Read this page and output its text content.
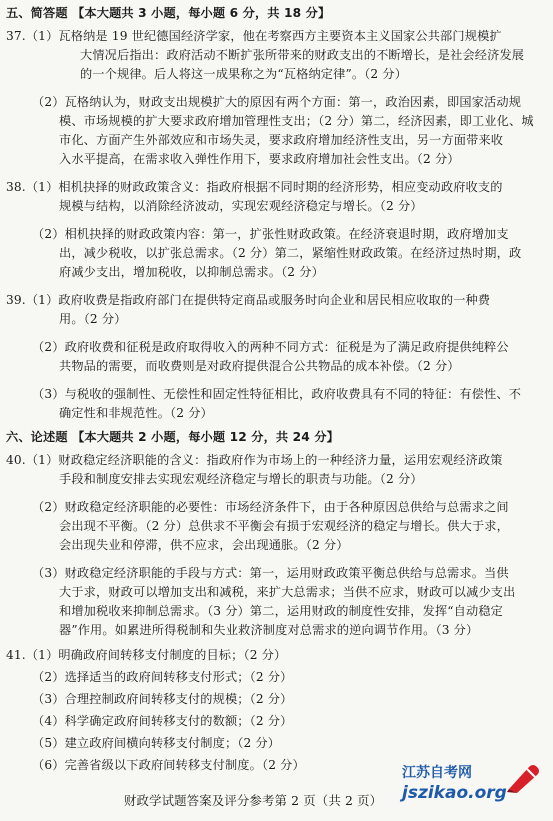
五、简答题 【本大题共 3 小题，每小题 6 分，共 18 分】
37.（1）瓦格纳是 19 世纪德国经济学家，他在考察西方主要资本主义国家公共部门规模扩
大情况后指出：政府活动不断扩张所带来的财政支出的不断增长，是社会经济发展
的一个规律。后人将这一成果称之为“瓦格纳定律”。（2 分）
（2）瓦格纳认为，财政支出规模扩大的原因有两个方面：第一，政治因素，即国家活动规
模、市场规模的扩大要求政府增加管理性支出；（2 分）第二，经济因素，即工业化、城
市化、方面产生外部效应和市场失灵，要求政府增加经济性支出，另一方面带来收
入水平提高，在需求收入弹性作用下，要求政府增加社会性支出。（2 分）
38.（1）相机抉择的财政政策含义：指政府根据不同时期的经济形势，相应变动政府收支的
规模与结构，以消除经济波动，实现宏观经济稳定与增长。（2 分）
（2）相机抉择的财政政策内容：第一，扩张性财政政策。在经济衰退时期，政府增加支
出，减少税收，以扩张总需求。（2 分）第二，紧缩性财政政策。在经济过热时期，政
府减少支出，增加税收，以抑制总需求。（2 分）
39.（1）政府收费是指政府部门在提供特定商品或服务时向企业和居民相应收取的一种费
用。（2 分）
（2）政府收费和征税是政府取得收入的两种不同方式：征税是为了满足政府提供纯粹公
共物品的需要，而收费则是对政府提供混合公共物品的成本补偿。（2 分）
（3）与税收的强制性、无偿性和固定性特征相比，政府收费具有不同的特征：有偿性、不
确定性和非规范性。（2 分）
六、论述题 【本大题共 2 小题，每小题 12 分，共 24 分】
40.（1）财政稳定经济职能的含义：指政府作为市场上的一种经济力量，运用宏观经济政策
手段和制度安排去实现宏观经济稳定与增长的职责与功能。（2 分）
（2）财政稳定经济职能的必要性：市场经济条件下，由于各种原因总供给与总需求之间
会出现不平衡。（2 分）总供求不平衡会有损于宏观经济的稳定与增长。供大于求，
会出现失业和停滞，供不应求，会出现通胀。（2 分）
（3）财政稳定经济职能的手段与方式：第一，运用财政政策平衡总供给与总需求。当供
大于求，财政可以增加支出和减税，来扩大总需求；当供不应求，财政可以减少支出
和增加税收来抑制总需求。（3 分）第二，运用财政的制度性安排，发挥“自动稳定
器”作用。如累进所得税制和失业救济制度对总需求的逆向调节作用。（3 分）
41.（1）明确政府间转移支付制度的目标；（2 分）
（2）选择适当的政府间转移支付形式；（2 分）
（3）合理控制政府间转移支付的规模；（2 分）
（4）科学确定政府间转移支付的数额；（2 分）
（5）建立政府间横向转移支付制度；（2 分）
（6）完善省级以下政府间转移支付制度。（2 分）
财政学试题答案及评分参考第 2 页（共 2 页）
江苏自考网
jszikao.org
